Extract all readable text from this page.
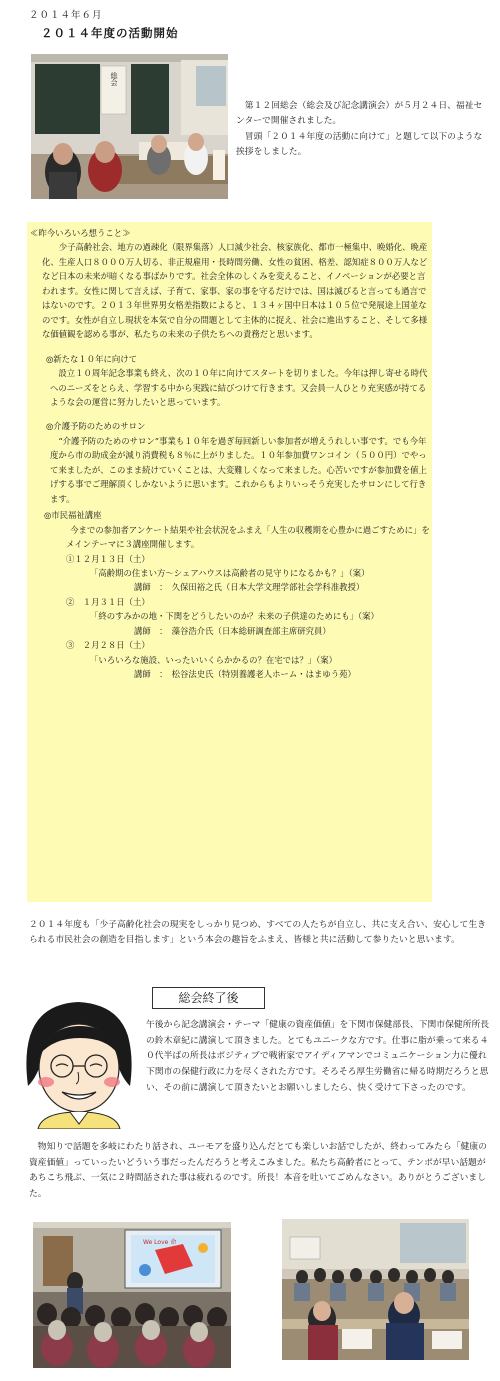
２０１４年６月
２０１４年度の活動開始
総会

第１２回総会（総会及び記念講演会）が５月２４日、福祉センターで開催されました。

冒頭「２０１４年度の活動に向けて」と題して以下のような挨拶をしました。

≪昨今いろいろ想うこと≫
少子高齢社会、地方の過疎化（限界集落）人口減少社会、核家族化、都市一極集中、晩婚化、晩産化、生産人口８０００万人切る、非正規雇用・長時間労働、女性の貧困、格差、認知症８００万人などなど日本の未来が暗くなる事ばかりです。社会全体のしくみを変えること、イノベーションが必要と言われます。女性に関して言えば、子育て、家事、家の事を守るだけでは、国は滅びると言っても過言ではないのです。２０１３年世界男女格差指数によると、１３４ヶ国中日本は１０５位で発展途上国並なのです。女性が自立し現状を本気で自分の問題として主体的に捉え、社会に進出すること、そして多様な価値観を認める事が、私たちの未来の子供たちへの責務だと思います。
◎新たな１０年に向けて
設立１０周年記念事業も終え、次の１０年に向けてスタートを切りました。今年は押し寄せる時代へのニーズをとらえ、学習する中から実践に結びつけて行きます。又会員一人ひとり充実感が持てるような会の運営に努力したいと思っています。
◎介護予防のためのサロン
“介護予防のためのサロン”事業も１０年を過ぎ毎回新しい参加者が増えうれしい事です。でも今年度から市の助成金が減り消費税も８％に上がりました。１０年参加費ワンコイン（５００円）でやって来ましたが、このまま続けていくことは、大変難しくなって来ました。心苦いですが参加費を値上げする事でご理解頂くしかないように思います。これからもよりいっそう充実したサロンにして行きます。
◎市民福祉講座
今までの参加者アンケート結果や社会状況をふまえ「人生の収穫期を心豊かに過ごすために」をメインテーマに３講座開催します。
①１２月１３日（土）
「高齢期の住まい方～シェアハウスは高齢者の見守りになるかも？」（案）
講師　：　久保田裕之氏（日本大学文理学部社会学科准教授）
②　１月３１日（土）
「終のすみかの地・下関をどうしたいのか？未来の子供達のためにも」（案）
講師　：　藻谷浩介氏（日本総研調査部主席研究員）
③　２月２８日（土）
「いろいろな施設、いったいいくらかかるの？在宅では？」（案）
講師　：　松谷法史氏（特別養護老人ホーム・はまゆう苑）
２０１４年度も「少子高齢化社会の現実をしっかり見つめ、すべての人たちが自立し、共に支え合い、安心して生きられる市民社会の創造を目指します」という本会の趣旨をふまえ、皆様と共に活動して参りたいと思います。
総会終了後
午後から記念講演会・テーマ「健康の資産価値」を下関市保健部長、下関市保健所所長の鈴木章紀に講演して頂きました。とてもユニークな方です。仕事に脂が乗って来る４０代半ばの所長はポジティブで戦術家でアイディアマンでコミュニケーション力に優れ下関市の保健行政に力を尽くされた方です。そろそろ厚生労働省に帰る時期だろうと思い、その前に講演して頂きたいとお願いしましたら、快く受けて下さったのです。
物知りで話題を多岐にわたり話され、ユーモアを盛り込んだとても楽しいお話でしたが、終わってみたら「健康の資産価値」っていったいどういう事だったんだろうと考えこみました。私たち高齢者にとって、テンポが早い話題があちこち飛ぶ、一気に２時間話された事は疲れるのです。所長！本音を吐いてごめんなさい。ありがとうございました。
We Love 命
